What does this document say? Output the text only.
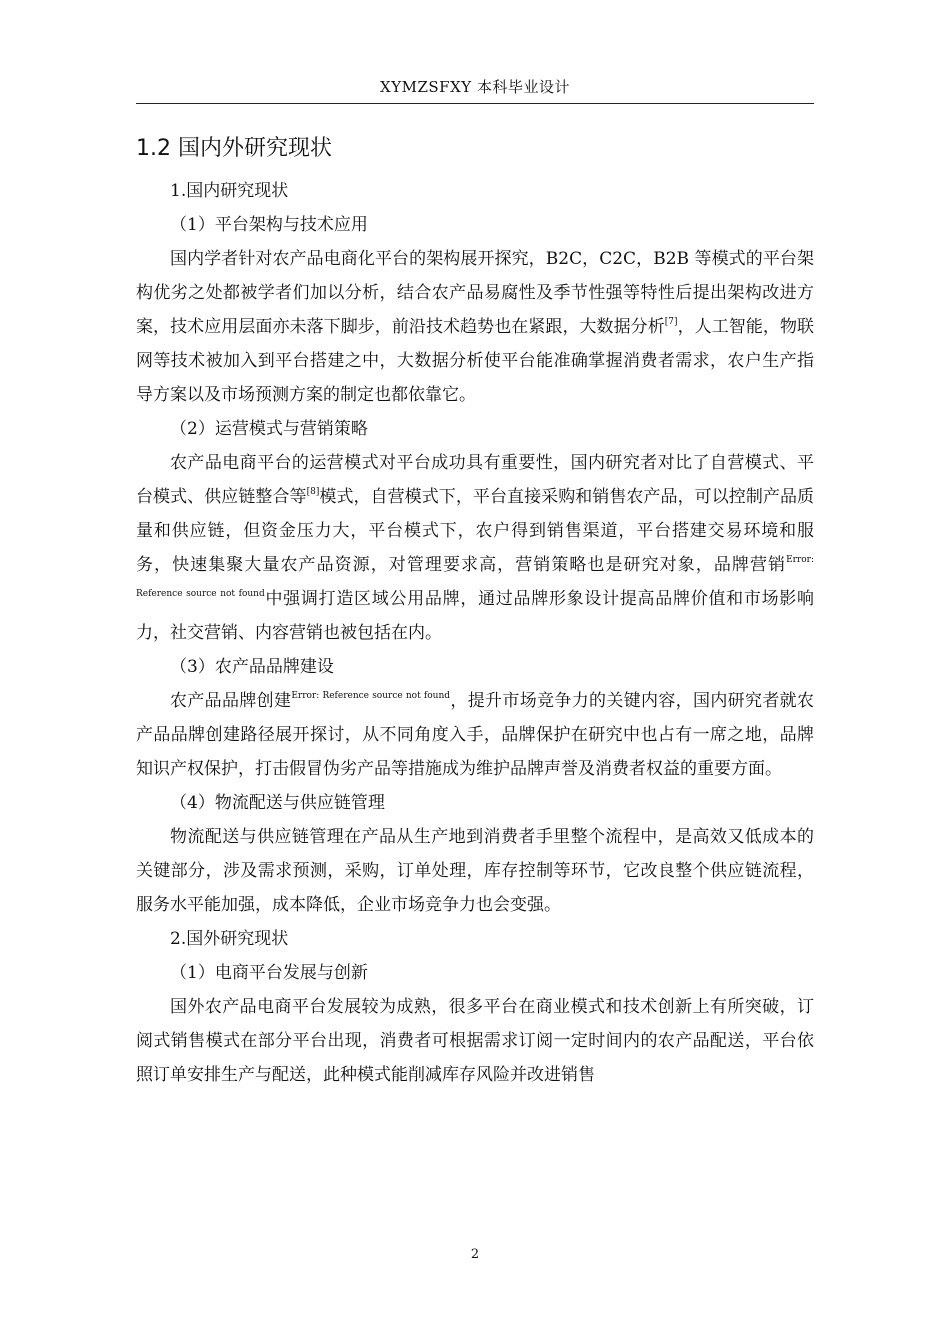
XYMZSFXY 本科毕业设计
1.2 国内外研究现状

1.国内研究现状

（1）平台架构与技术应用

国内学者针对农产品电商化平台的架构展开探究，B2C，C2C，B2B 等模式的平台架构优劣之处都被学者们加以分析，结合农产品易腐性及季节性强等特性后提出架构改进方案，技术应用层面亦未落下脚步，前沿技术趋势也在紧跟，大数据分析[7]，人工智能，物联网等技术被加入到平台搭建之中，大数据分析使平台能准确掌握消费者需求，农户生产指导方案以及市场预测方案的制定也都依靠它。

（2）运营模式与营销策略

农产品电商平台的运营模式对平台成功具有重要性，国内研究者对比了自营模式、平台模式、供应链整合等[8]模式，自营模式下，平台直接采购和销售农产品，可以控制产品质量和供应链，但资金压力大，平台模式下，农户得到销售渠道，平台搭建交易环境和服务，快速集聚大量农产品资源，对管理要求高，营销策略也是研究对象，品牌营销$^{Error: Reference source not found}$中强调打造区域公用品牌，通过品牌形象设计提高品牌价值和市场影响力，社交营销、内容营销也被包括在内。

（3）农产品品牌建设

农产品品牌创建$^{Error: Reference source not found}$，提升市场竞争力的关键内容，国内研究者就农产品品牌创建路径展开探讨，从不同角度入手，品牌保护在研究中也占有一席之地，品牌知识产权保护，打击假冒伪劣产品等措施成为维护品牌声誉及消费者权益的重要方面。

（4）物流配送与供应链管理

物流配送与供应链管理在产品从生产地到消费者手里整个流程中，是高效又低成本的关键部分，涉及需求预测，采购，订单处理，库存控制等环节，它改良整个供应链流程，服务水平能加强，成本降低，企业市场竞争力也会变强。

2.国外研究现状

（1）电商平台发展与创新

国外农产品电商平台发展较为成熟，很多平台在商业模式和技术创新上有所突破，订阅式销售模式在部分平台出现，消费者可根据需求订阅一定时间内的农产品配送，平台依照订单安排生产与配送，此种模式能削减库存风险并改进销售

2
